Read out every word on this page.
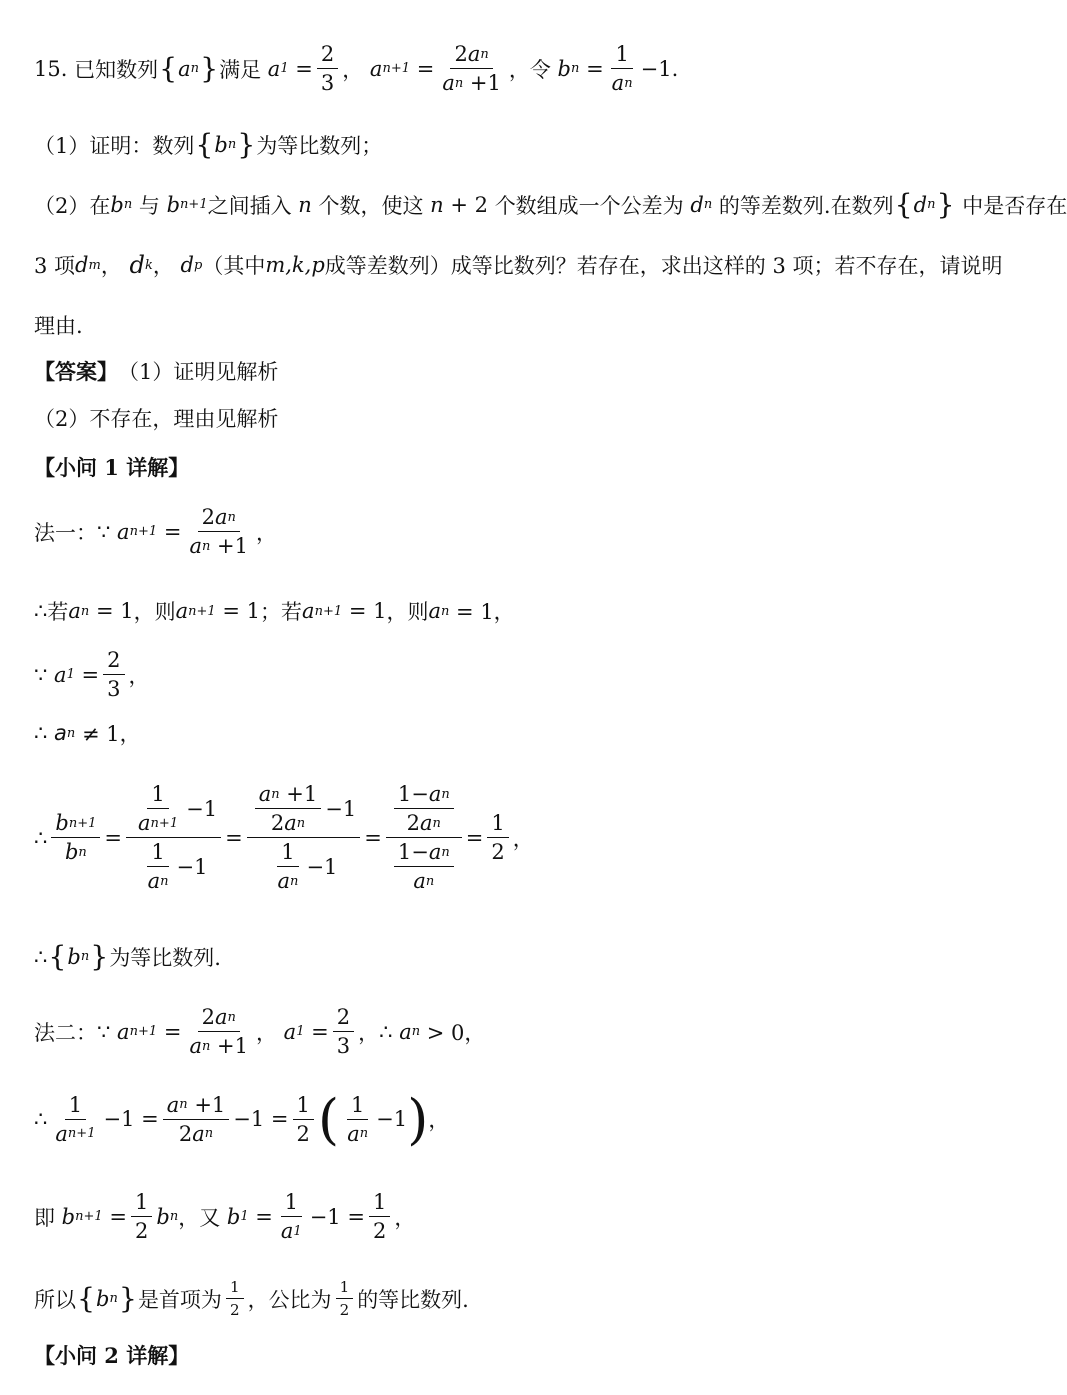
15.
已知数列 { a n } 满足 a $1 = \frac{2}{3}$ ， a $n+1 = \frac{\text{2 a n}}{\text{a n +1}}$ ，令 b $n = \frac{1}{\text{a n}} -1$ .
（1）证明：数列 { b n } 为等比数列；
（2）在 b n
与 b n+1 之间插入 n 个数，使这 n + 2 个数组成一个公差为 d n
的等差数列.在数列 { d n }
中是否存在
3 项 d m ， d k ， d p （其中 m,k,p 成等差数列）成等比数列？若存在，求出这样的 3 项；若不存在，请说明
理由.
【答案】 （1）证明见解析
（2）不存在，理由见解析
【小问 1 详解】
法一： ∵ a $n+1 = \frac{\text{2 a n}}{\text{a n +1}}$ ，
∴ 若 a n = 1 ，则 a n+1 = 1 ；若 a n+1 = 1 ，则 a n = 1，
∵ a $1 = \frac{2}{3}$ ，
∴ a n ≠ 1，
∴ $\frac{\text{b n+1}}{\text{b n}} = \frac{\frac{1}{\text{a n+1}} -1}{\frac{1}{\text{a n}} -1} = \frac{\frac{\text{a n +1}}{\text{2 a n}} -1}{\frac{1}{\text{a n}} -1} = \frac{\frac{\text{1− a n}}{\text{2 a n}}}{\frac{\text{1− a n}}{\text{a n}}} = \frac{1}{2}$ ，
∴ { b n } 为等比数列.
法二： ∵ a $n+1 = \frac{\text{2 a n}}{\text{a n +1}}$ ， a $1 = \frac{2}{3}$ ， ∴ a n > 0，
∴ $\frac{1}{\text{a n+1}} -1 = \frac{\text{a n +1}}{\text{2 a n}} -1 = \frac{1}{2}$ ( $\frac{1}{\text{a n}} -1$ ) ，
即 b $n+1 = \frac{1}{2}$ b n ，又 b $1 = \frac{1}{a 1} -1 = \frac{1}{2}$ ，
所以 { b n } 是首项为 $\frac{1}{2}$ ，公比为 $\frac{1}{2}$ 的等比数列.
【小问 2 详解】
